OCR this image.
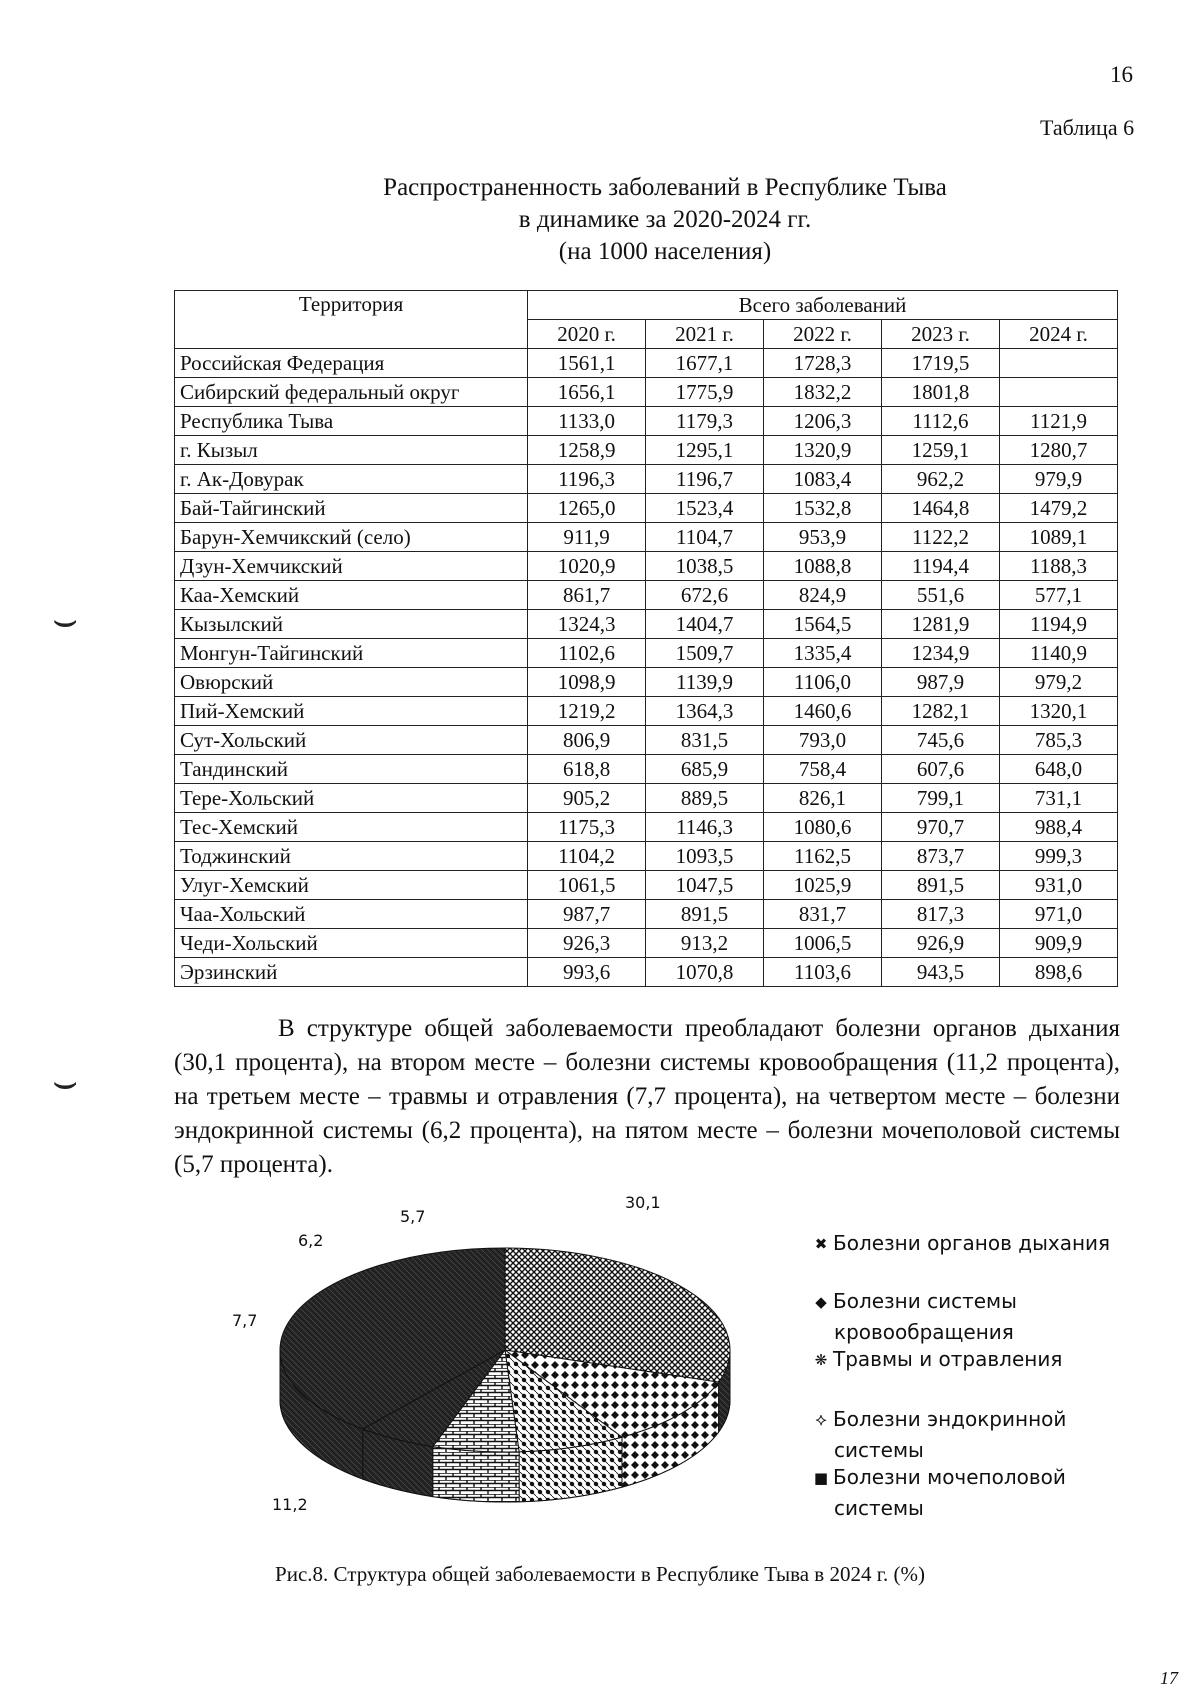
16
Таблица 6
Распространенность заболеваний в Республике Тыва
в динамике за 2020-2024 гг.
(на 1000 населения)
Территория	Всего заболеваний				
	2020 г.	2021 г.	2022 г.	2023 г.	2024 г.
Российская Федерация	1561,1	1677,1	1728,3	1719,5	
Сибирский федеральный округ	1656,1	1775,9	1832,2	1801,8	
Республика Тыва	1133,0	1179,3	1206,3	1112,6	1121,9
г. Кызыл	1258,9	1295,1	1320,9	1259,1	1280,7
г. Ак-Довурак	1196,3	1196,7	1083,4	962,2	979,9
Бай-Тайгинский	1265,0	1523,4	1532,8	1464,8	1479,2
Барун-Хемчикский (село)	911,9	1104,7	953,9	1122,2	1089,1
Дзун-Хемчикский	1020,9	1038,5	1088,8	1194,4	1188,3
Каа-Хемский	861,7	672,6	824,9	551,6	577,1
Кызылский	1324,3	1404,7	1564,5	1281,9	1194,9
Монгун-Тайгинский	1102,6	1509,7	1335,4	1234,9	1140,9
Овюрский	1098,9	1139,9	1106,0	987,9	979,2
Пий-Хемский	1219,2	1364,3	1460,6	1282,1	1320,1
Сут-Хольский	806,9	831,5	793,0	745,6	785,3
Тандинский	618,8	685,9	758,4	607,6	648,0
Тере-Хольский	905,2	889,5	826,1	799,1	731,1
Тес-Хемский	1175,3	1146,3	1080,6	970,7	988,4
Тоджинский	1104,2	1093,5	1162,5	873,7	999,3
Улуг-Хемский	1061,5	1047,5	1025,9	891,5	931,0
Чаа-Хольский	987,7	891,5	831,7	817,3	971,0
Чеди-Хольский	926,3	913,2	1006,5	926,9	909,9
Эрзинский	993,6	1070,8	1103,6	943,5	898,6
⌣
⌣
В структуре общей заболеваемости преобладают болезни органов дыхания (30,1 процента), на втором месте – болезни системы кровообращения (11,2 процента), на третьем месте – травмы и отравления (7,7 процента), на четвертом месте – болезни эндокринной системы (6,2 процента), на пятом месте – болезни мочеполовой системы (5,7 процента).
30,1
11,2
7,7
6,2
5,7
✖ Болезни органов дыхания
◆ Болезни системы
кровообращения
❋ Травмы и отравления
⯎ Болезни эндокринной
системы
■ Болезни мочеполовой
системы
Рис.8. Структура общей заболеваемости в Республике Тыва в 2024 г. (%)
17
